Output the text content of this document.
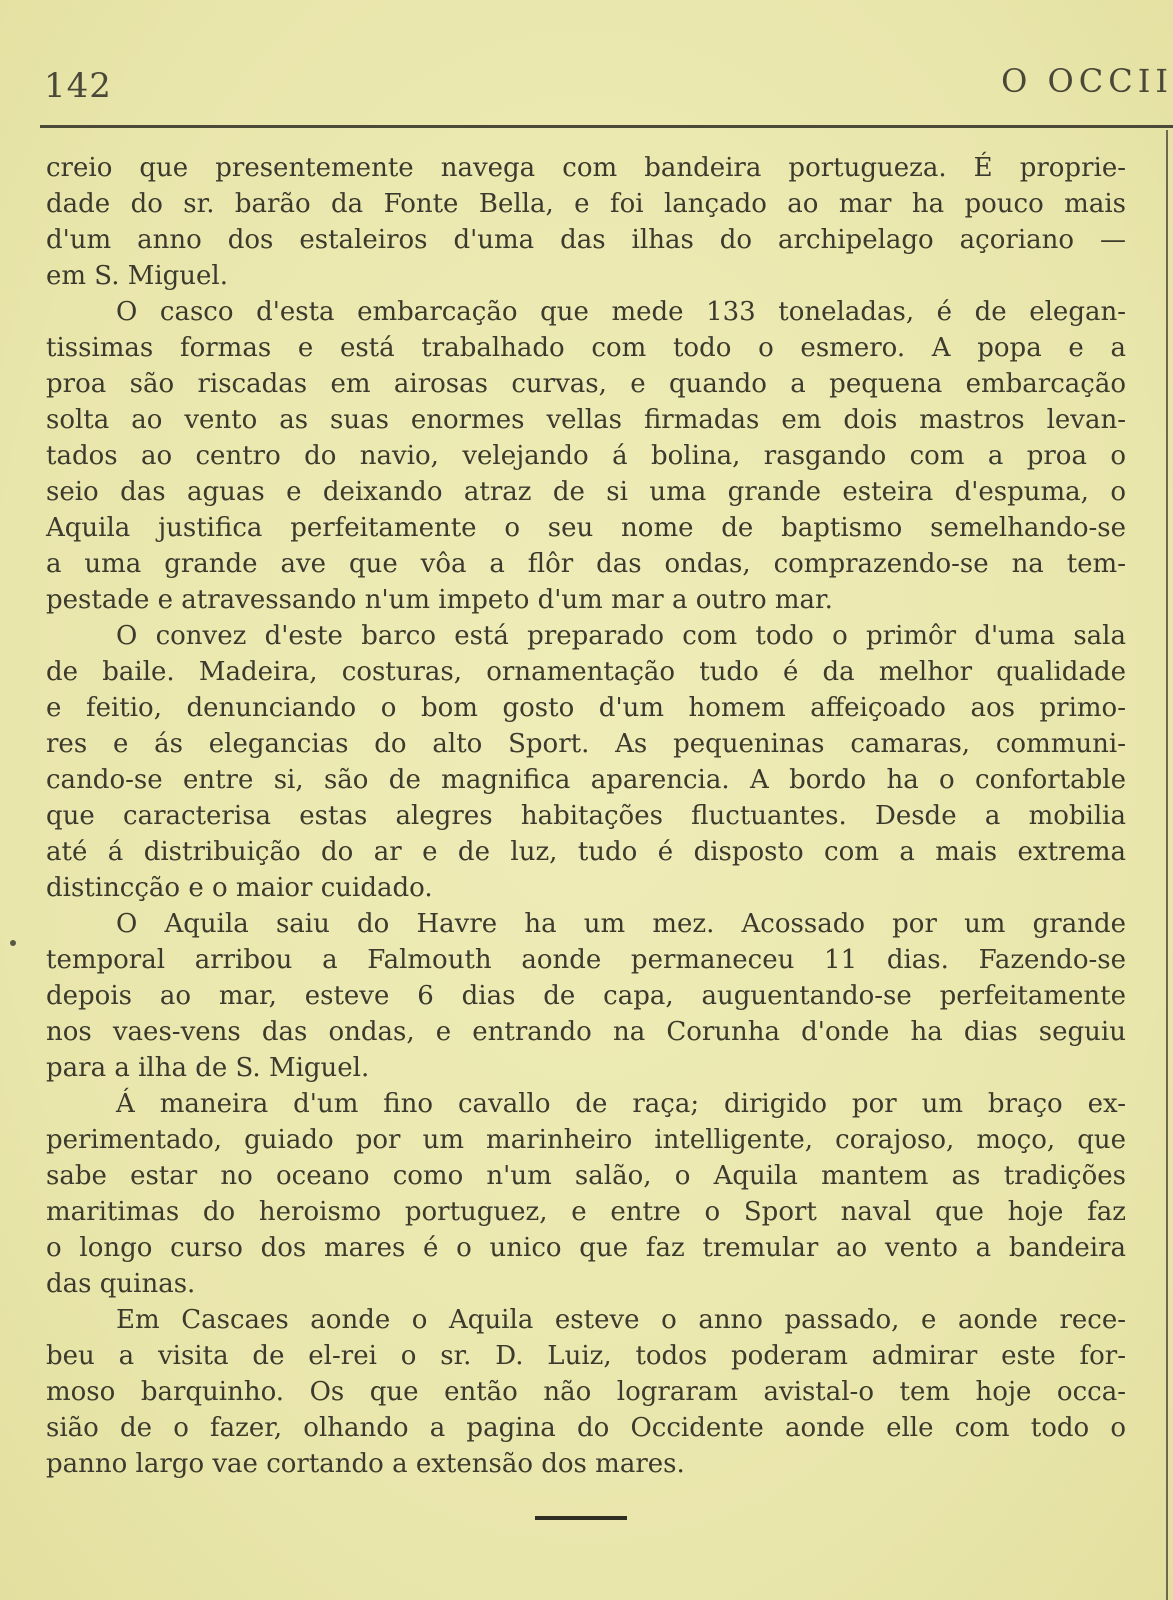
142	O OCCII
creio que presentemente navega com bandeira portugueza. É proprie-
dade do sr. barão da Fonte Bella, e foi lançado ao mar ha pouco mais
d'um anno dos estaleiros d'uma das ilhas do archipelago açoriano —
em S. Miguel.
O casco d'esta embarcação que mede 133 toneladas, é de elegan-
tissimas formas e está trabalhado com todo o esmero. A popa e a
proa são riscadas em airosas curvas, e quando a pequena embarcação
solta ao vento as suas enormes vellas firmadas em dois mastros levan-
tados ao centro do navio, velejando á bolina, rasgando com a proa o
seio das aguas e deixando atraz de si uma grande esteira d'espuma, o
Aquila justifica perfeitamente o seu nome de baptismo semelhando-se
a uma grande ave que vôa a flôr das ondas, comprazendo-se na tem-
pestade e atravessando n'um impeto d'um mar a outro mar.
O convez d'este barco está preparado com todo o primôr d'uma sala
de baile. Madeira, costuras, ornamentação tudo é da melhor qualidade
e feitio, denunciando o bom gosto d'um homem affeiçoado aos primo-
res e ás elegancias do alto Sport. As pequeninas camaras, communi-
cando-se entre si, são de magnifica aparencia. A bordo ha o confortable
que caracterisa estas alegres habitações fluctuantes. Desde a mobilia
até á distribuição do ar e de luz, tudo é disposto com a mais extrema
distincção e o maior cuidado.
O Aquila saiu do Havre ha um mez. Acossado por um grande
temporal arribou a Falmouth aonde permaneceu 11 dias. Fazendo-se
depois ao mar, esteve 6 dias de capa, auguentando-se perfeitamente
nos vaes-vens das ondas, e entrando na Corunha d'onde ha dias seguiu
para a ilha de S. Miguel.
Á maneira d'um fino cavallo de raça; dirigido por um braço ex-
perimentado, guiado por um marinheiro intelligente, corajoso, moço, que
sabe estar no oceano como n'um salão, o Aquila mantem as tradições
maritimas do heroismo portuguez, e entre o Sport naval que hoje faz
o longo curso dos mares é o unico que faz tremular ao vento a bandeira
das quinas.
Em Cascaes aonde o Aquila esteve o anno passado, e aonde rece-
beu a visita de el-rei o sr. D. Luiz, todos poderam admirar este for-
moso barquinho. Os que então não lograram avistal-o tem hoje occa-
sião de o fazer, olhando a pagina do Occidente aonde elle com todo o
panno largo vae cortando a extensão dos mares.
